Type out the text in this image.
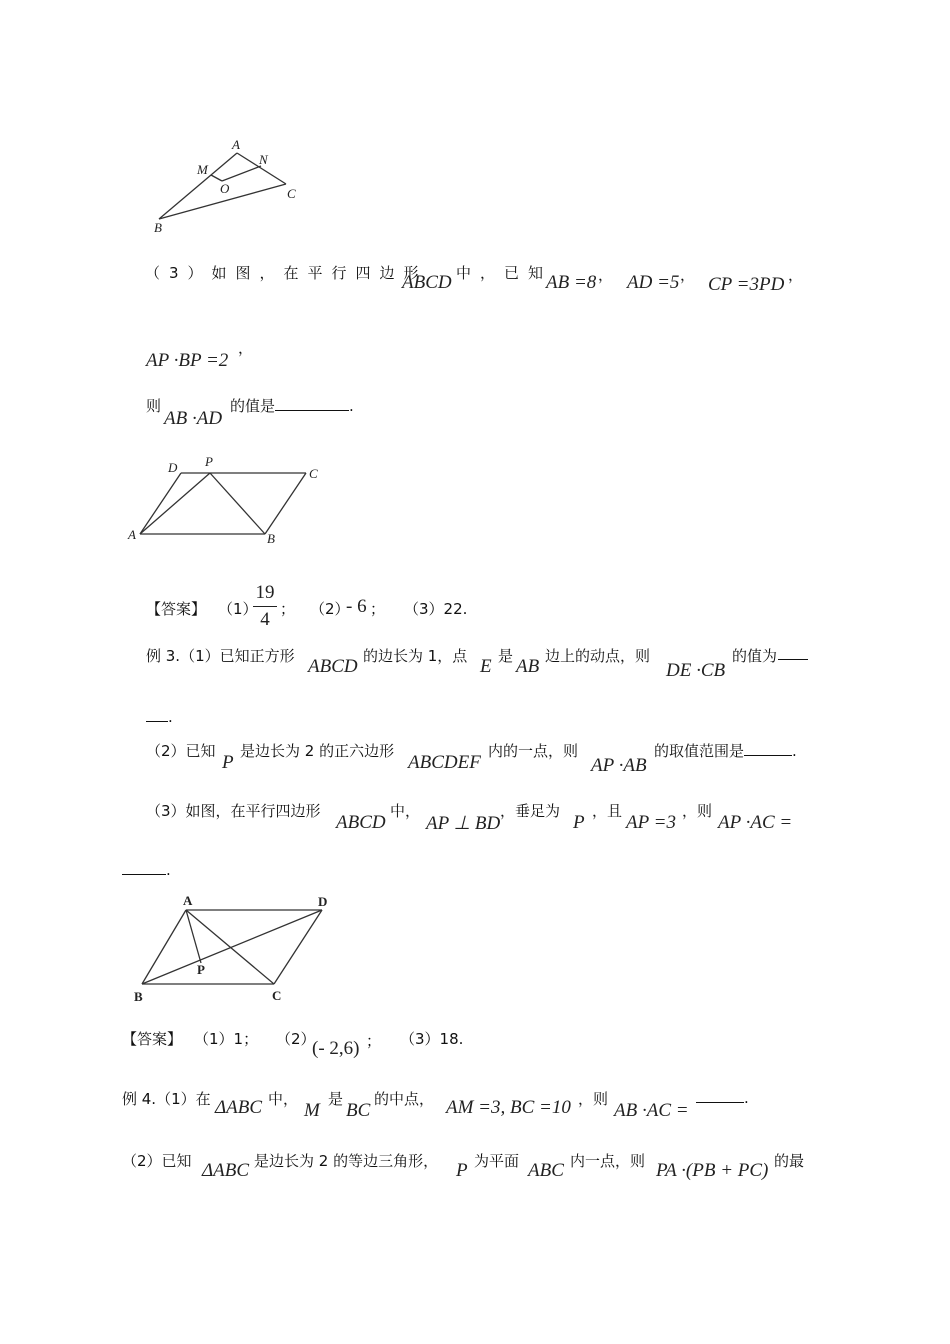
A
M
N
O	C
B
（3）如图，在平行四边形
ABCD 中，已知
AB =8 ， AD =5 ， CP =3PD ，
AP ·BP =2
，
则
AB ·AD
的值是	.
D P
C
A	B
【答案】 （1）
19
4 ； （2）
- 6 ； （3）22.
例 3.（1）已知正方形 ABCD 的边长为 1，点 E 是 AB 边上的动点，则
DE ·CB
的值为
.
（2）已知
P
是边长为 2 的正六边形
ABCDEF
内的一点，则
AP ·AB
的取值范围是	.
（3）如图，在平行四边形
ABCD
中，
AP ⊥ BD
，垂足为
P
，且
AP =3
，则
AP ·AC =
.
A	D
P
B	C
【答案】 （1）1； （2）
(- 2,6) ； （3）18.
例 4.（1）在 ΔABC 中，
M
是
BC
的中点， AM =3, BC =10 ，则
AB ·AC =
.
（2）已知 ΔABC 是边长为 2 的等边三角形， P 为平面 ABC 内一点，则 PA ·(PB + PC) 的最
